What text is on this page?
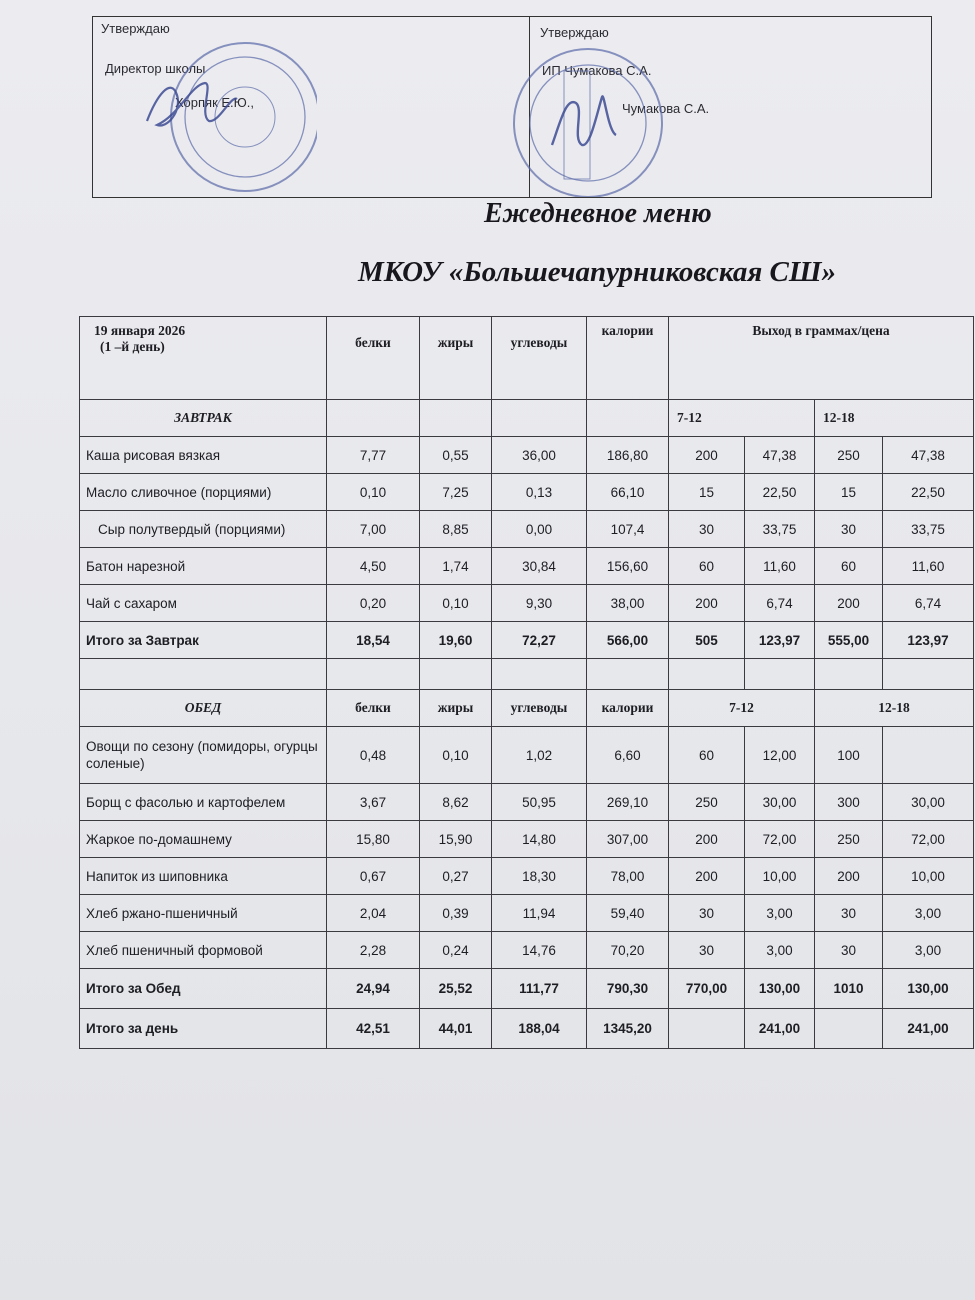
Утверждаю
Директор школы
Хорпяк Е.Ю.,
Утверждаю
ИП Чумакова С.А.
Чумакова С.А.
Ежедневное меню
МКОУ «Большечапурниковская СШ»
19 января 2026
(1 –й день)	белки	жиры	углеводы	калории	Выход в граммах/цена			
ЗАВТРАК					7-12		12-18	
Каша рисовая вязкая	7,77	0,55	36,00	186,80	200	47,38	250	47,38
Масло сливочное (порциями)	0,10	7,25	0,13	66,10	15	22,50	15	22,50
Сыр полутвердый (порциями)	7,00	8,85	0,00	107,4	30	33,75	30	33,75
Батон нарезной	4,50	1,74	30,84	156,60	60	11,60	60	11,60
Чай с сахаром	0,20	0,10	9,30	38,00	200	6,74	200	6,74
Итого за Завтрак	18,54	19,60	72,27	566,00	505	123,97	555,00	123,97

ОБЕД	белки	жиры	углеводы	калории	7-12		12-18	
Овощи по сезону (помидоры, огурцы соленые)	0,48	0,10	1,02	6,60	60	12,00	100	
Борщ с фасолью и картофелем	3,67	8,62	50,95	269,10	250	30,00	300	30,00
Жаркое по-домашнему	15,80	15,90	14,80	307,00	200	72,00	250	72,00
Напиток из шиповника	0,67	0,27	18,30	78,00	200	10,00	200	10,00
Хлеб ржано-пшеничный	2,04	0,39	11,94	59,40	30	3,00	30	3,00
Хлеб пшеничный формовой	2,28	0,24	14,76	70,20	30	3,00	30	3,00
Итого за Обед	24,94	25,52	111,77	790,30	770,00	130,00	1010	130,00
Итого за день	42,51	44,01	188,04	1345,20		241,00		241,00
